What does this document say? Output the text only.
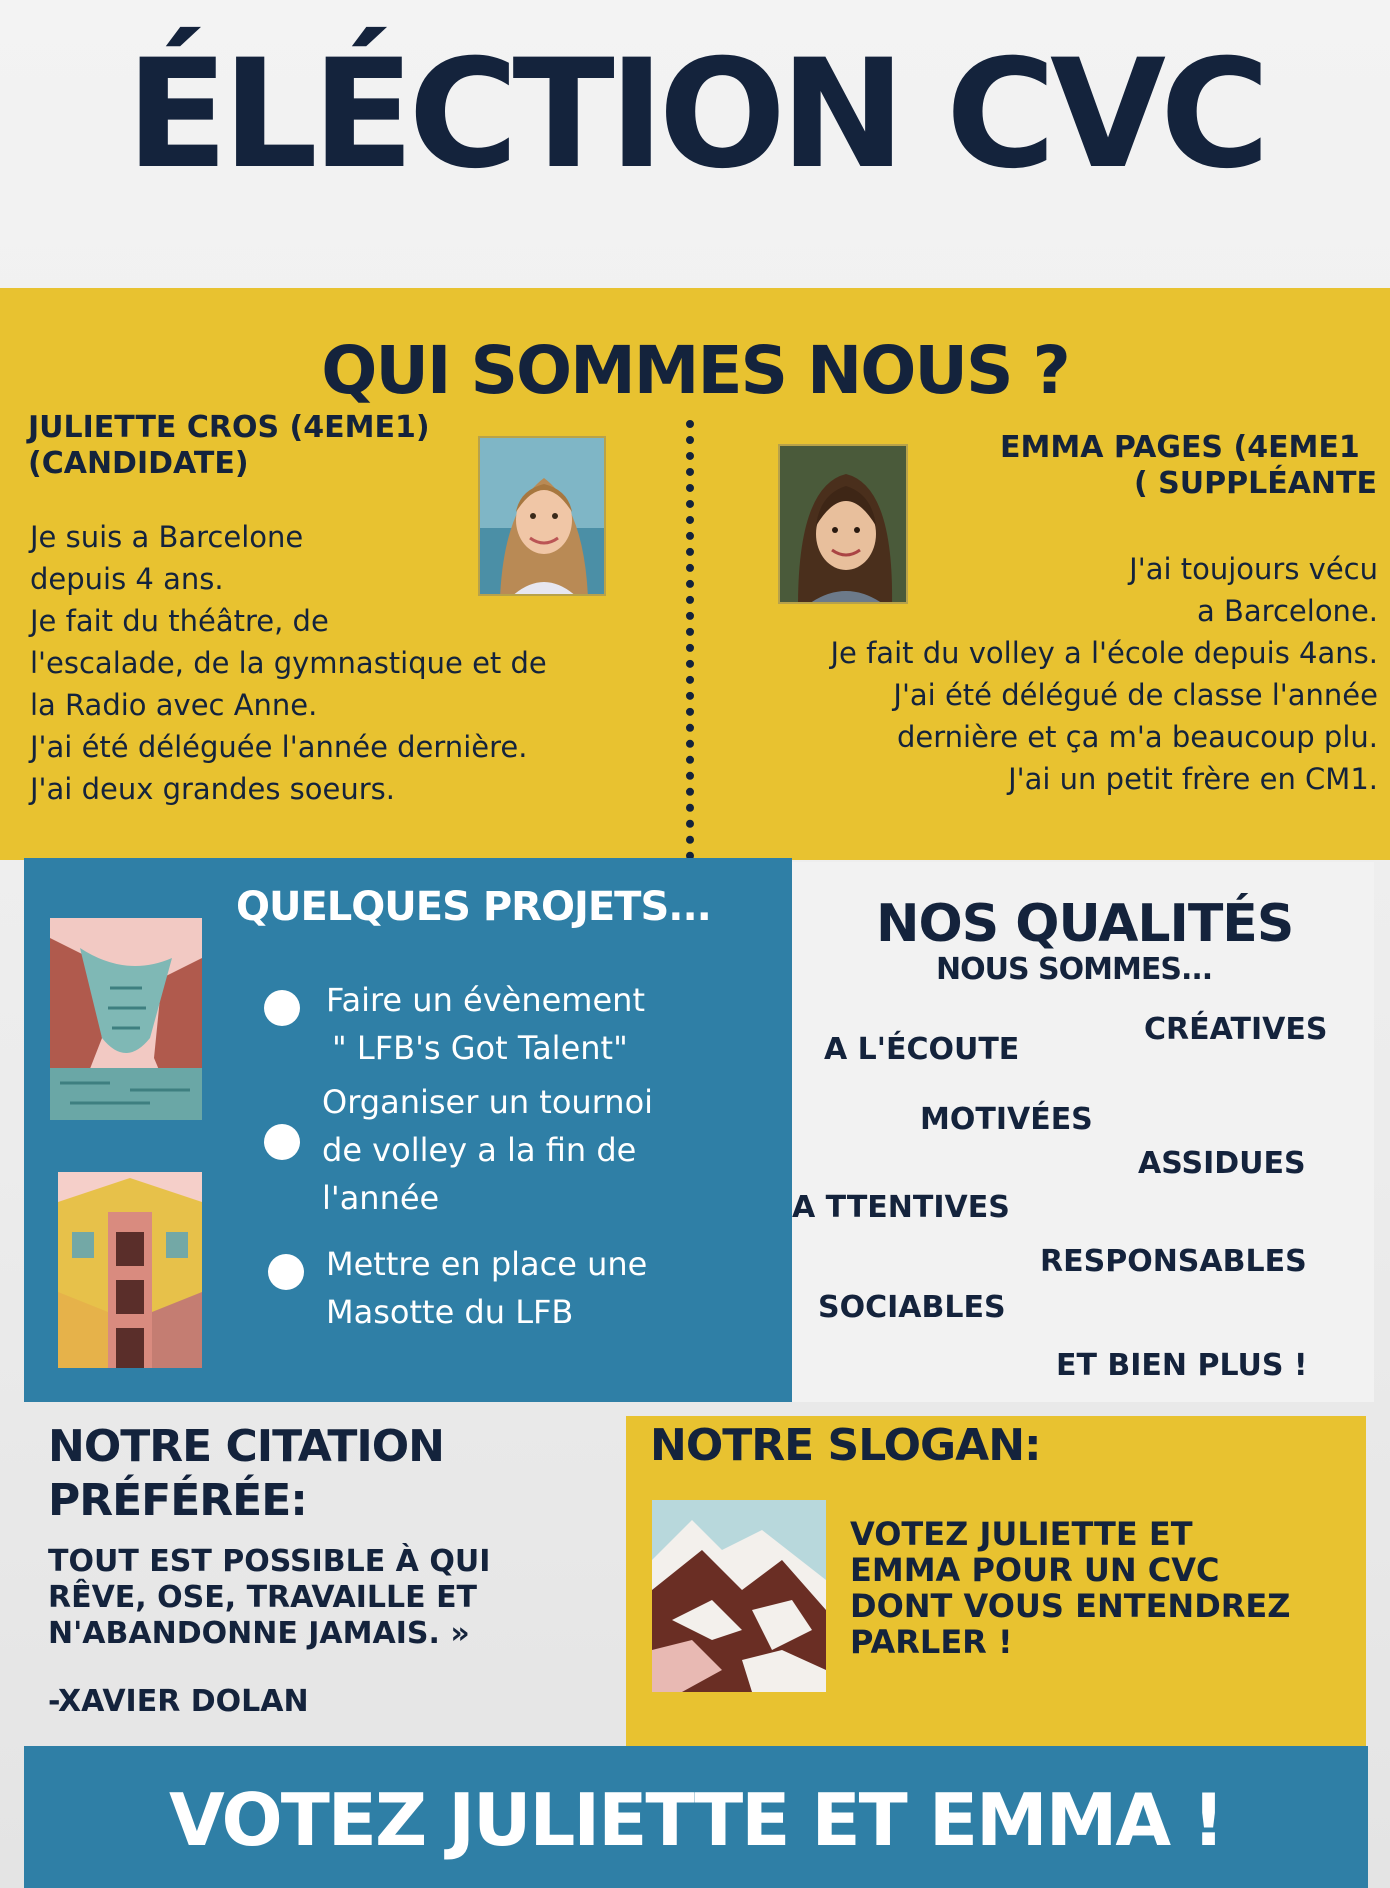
ÉLÉCTION CVC
QUI SOMMES NOUS ?
JULIETTE CROS (4EME1)
(CANDIDATE)
Je suis a Barcelone
depuis 4 ans.
Je fait du théâtre, de
l'escalade, de la gymnastique et de
la Radio avec Anne.
J'ai été déléguée l'année dernière.
J'ai deux grandes soeurs.
EMMA PAGES (4EME1
( SUPPLÉANTE
J'ai toujours vécu
a Barcelone.
Je fait du volley a l'école depuis 4ans.
J'ai été délégué de classe l'année
dernière et ça m'a beaucoup plu.
J'ai un petit frère en CM1.
QUELQUES PROJETS...
Faire un évènement
" LFB's Got Talent"
Organiser un tournoi
de volley a la fin de
l'année
Mettre en place une
Masotte du LFB
NOS QUALITÉS
NOUS SOMMES...
CRÉATIVES
A L'ÉCOUTE
MOTIVÉES
ASSIDUES
A TTENTIVES
RESPONSABLES
SOCIABLES
ET BIEN PLUS !
NOTRE CITATION
PRÉFÉRÉE:
TOUT EST POSSIBLE À QUI
RÊVE, OSE, TRAVAILLE ET
N'ABANDONNE JAMAIS. »
-XAVIER DOLAN
NOTRE SLOGAN:
VOTEZ JULIETTE ET
EMMA POUR UN CVC
DONT VOUS ENTENDREZ
PARLER !
VOTEZ JULIETTE ET EMMA !
